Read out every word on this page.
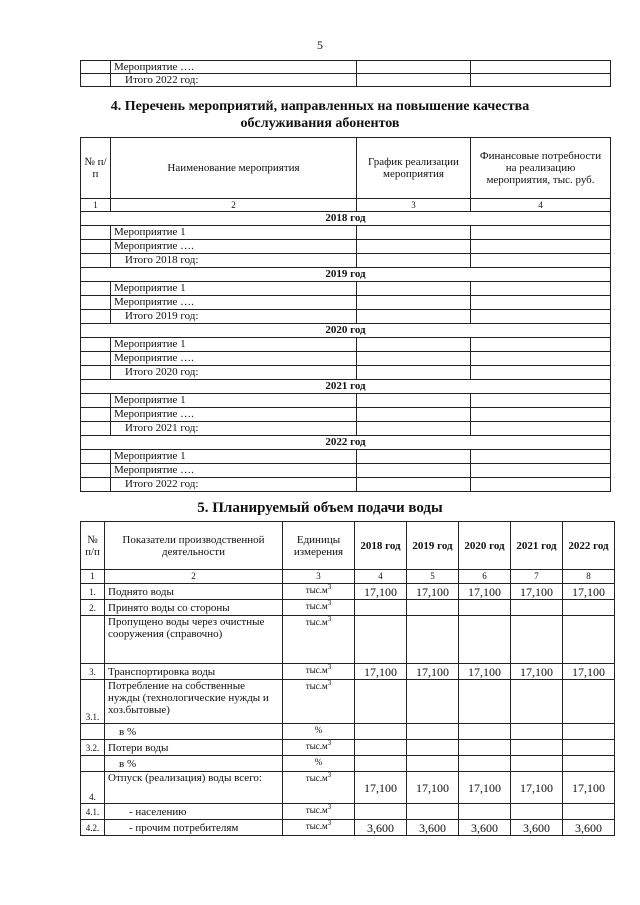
5
	Мероприятие ….		
	Итого 2022 год:		
4. Перечень мероприятий, направленных на повышение качества
обслуживания абонентов
№ п/п	Наименование мероприятия	График реализации мероприятия	Финансовые потребности на реализацию мероприятия, тыс. руб.
1	2	3	4
2018 год			
	Мероприятие 1		
	Мероприятие ….		
	Итого 2018 год:		
2019 год			
	Мероприятие 1		
	Мероприятие ….		
	Итого 2019 год:		
2020 год			
	Мероприятие 1		
	Мероприятие ….		
	Итого 2020 год:		
2021 год			
	Мероприятие 1		
	Мероприятие ….		
	Итого 2021 год:		
2022 год			
	Мероприятие 1		
	Мероприятие ….		
	Итого 2022 год:		
5. Планируемый объем подачи воды
№ п/п	Показатели производственной деятельности	Единицы измерения	2018 год	2019 год	2020 год	2021 год	2022 год
1	2	3	4	5	6	7	8
1.	Поднято воды	$тыс.м^3$	17,100	17,100	17,100	17,100	17,100
2.	Принято воды со стороны	$тыс.м^3$					
	Пропущено воды через очистные сооружения (справочно)	$тыс.м^3$					
3.	Транспортировка воды	$тыс.м^3$	17,100	17,100	17,100	17,100	17,100
3.1.	Потребление на собственные нужды (технологические нужды и хоз.бытовые)	$тыс.м^3$					
	в %	%					
3.2.	Потери воды	$тыс.м^3$					
	в %	%					
4.	Отпуск (реализация) воды всего:	$тыс.м^3$	17,100	17,100	17,100	17,100	17,100
4.1.	- населению	$тыс.м^3$					
4.2.	- прочим потребителям	$тыс.м^3$	3,600	3,600	3,600	3,600	3,600
